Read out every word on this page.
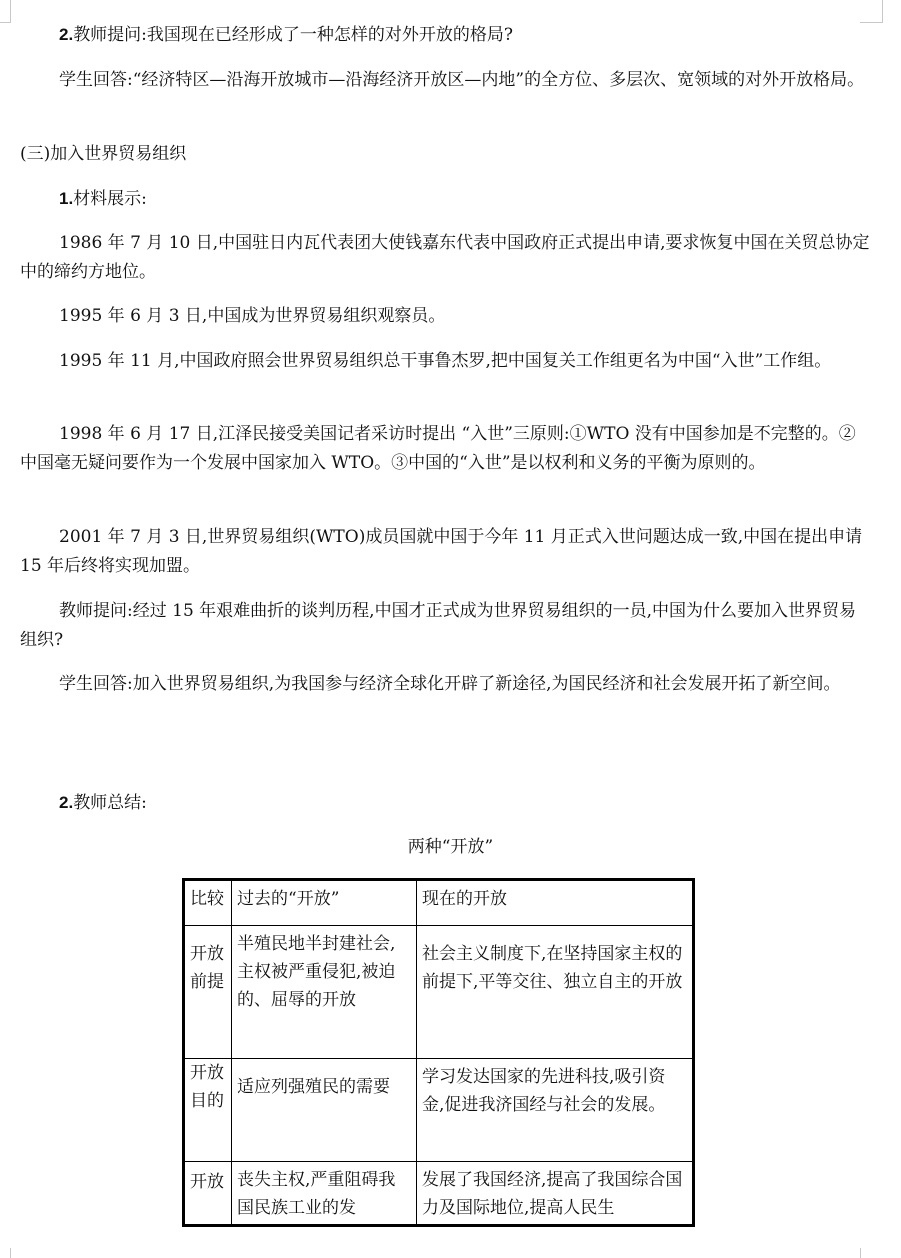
2.教师提问:我国现在已经形成了一种怎样的对外开放的格局?
学生回答:“经济特区—沿海开放城市—沿海经济开放区—内地”的全方位、多层次、宽领域的对外开放格局。
(三)加入世界贸易组织
1.材料展示:
1986 年 7 月 10 日,中国驻日内瓦代表团大使钱嘉东代表中国政府正式提出申请,要求恢复中国在关贸总协定中的缔约方地位。
1995 年 6 月 3 日,中国成为世界贸易组织观察员。
1995 年 11 月,中国政府照会世界贸易组织总干事鲁杰罗,把中国复关工作组更名为中国“入世”工作组。
1998 年 6 月 17 日,江泽民接受美国记者采访时提出 “入世”三原则:①WTO 没有中国参加是不完整的。②中国毫无疑问要作为一个发展中国家加入 WTO。③中国的“入世”是以权利和义务的平衡为原则的。
2001 年 7 月 3 日,世界贸易组织(WTO)成员国就中国于今年 11 月正式入世问题达成一致,中国在提出申请 15 年后终将实现加盟。
教师提问:经过 15 年艰难曲折的谈判历程,中国才正式成为世界贸易组织的一员,中国为什么要加入世界贸易组织?
学生回答:加入世界贸易组织,为我国参与经济全球化开辟了新途径,为国民经济和社会发展开拓了新空间。
2.教师总结:
两种“开放”
比较	过去的“开放”	现在的开放
开放前提	半殖民地半封建社会,主权被严重侵犯,被迫的、屈辱的开放	社会主义制度下,在坚持国家主权的前提下,平等交往、独立自主的开放
开放目的	适应列强殖民的需要	学习发达国家的先进科技,吸引资金,促进我济国经与社会的发展。
开放	丧失主权,严重阻碍我国民族工业的发	发展了我国经济,提高了我国综合国力及国际地位,提高人民生
